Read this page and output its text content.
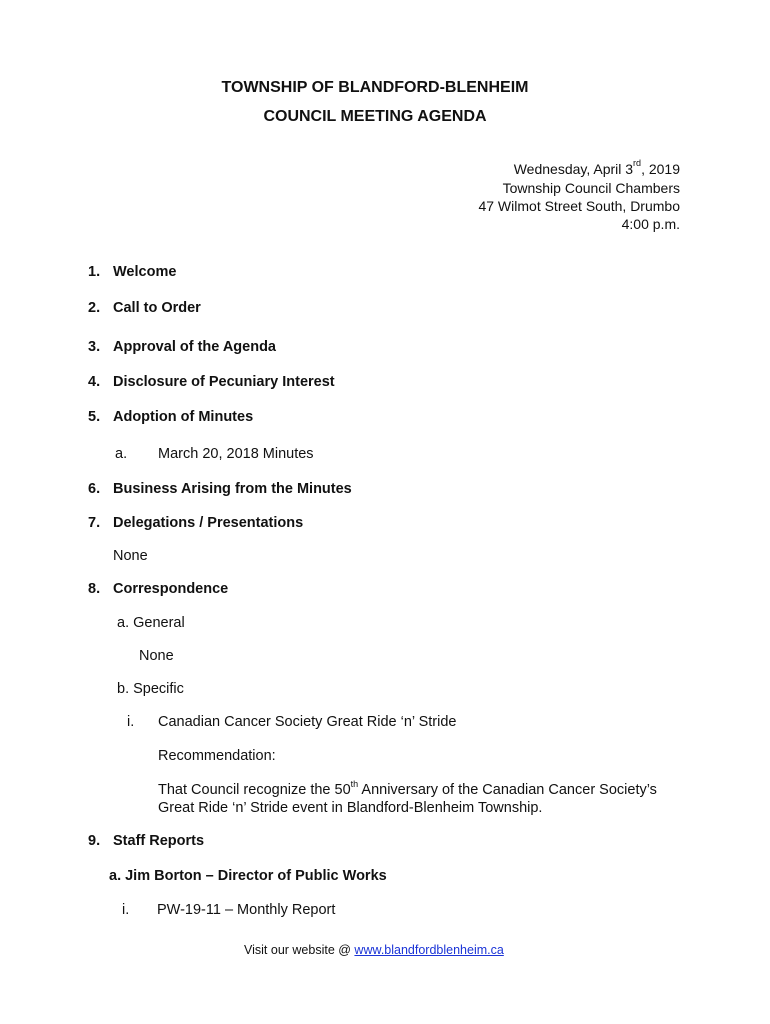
TOWNSHIP OF BLANDFORD-BLENHEIM
COUNCIL MEETING AGENDA
Wednesday, April 3rd, 2019
Township Council Chambers
47 Wilmot Street South, Drumbo
4:00 p.m.
1. Welcome
2. Call to Order
3. Approval of the Agenda
4. Disclosure of Pecuniary Interest
5. Adoption of Minutes
a. March 20, 2018 Minutes
6. Business Arising from the Minutes
7. Delegations / Presentations
None
8. Correspondence
a. General
None
b. Specific
i. Canadian Cancer Society Great Ride ‘n’ Stride
Recommendation:
That Council recognize the 50th Anniversary of the Canadian Cancer Society’s
Great Ride ‘n’ Stride event in Blandford-Blenheim Township.
9. Staff Reports
a. Jim Borton – Director of Public Works
i. PW-19-11 – Monthly Report
Visit our website @ www.blandfordblenheim.ca
